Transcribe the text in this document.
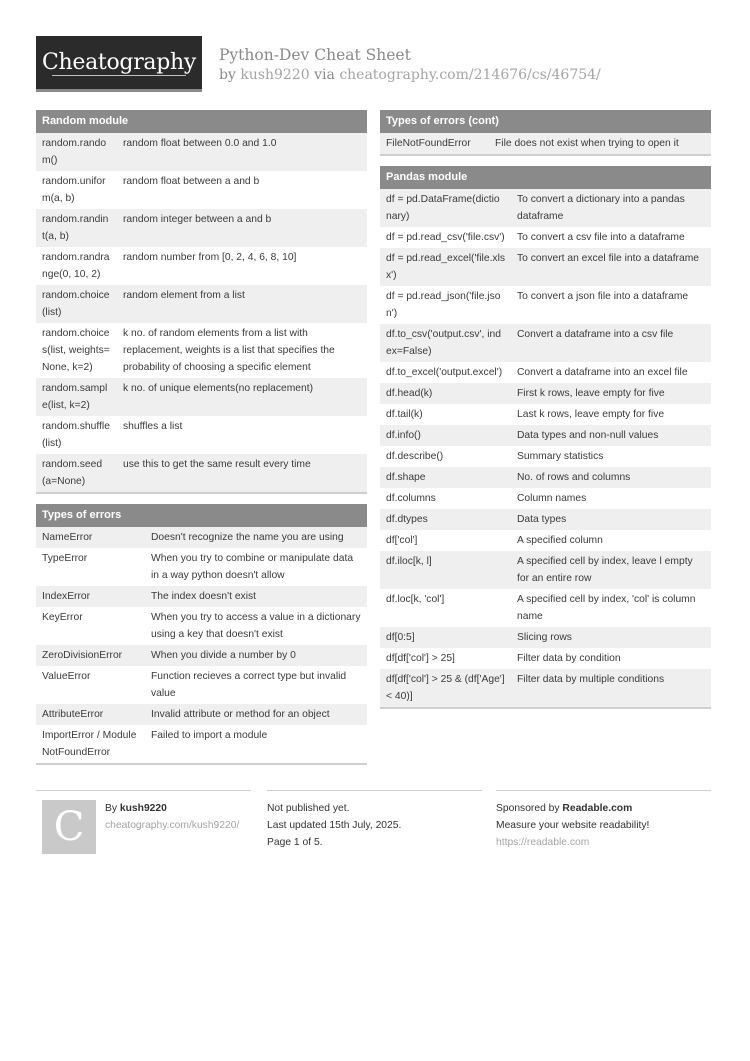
Cheatography Python-Dev Cheat Sheet
by kush9220 via cheatography.com/214676/cs/46754/
Random module
random.random()	random float between 0.0 and 1.0
random.uniform(a, b)	random float between a and b
random.randint(a, b)	random integer between a and b
random.randrange(0, 10, 2)	random number from [0, 2, 4, 6, 8, 10]
random.choice(list)	random element from a list
random.choices(list, weights=None, k=2)	k no. of random elements from a list with replacement, weights is a list that specifies the probability of choosing a specific element
random.sample(list, k=2)	k no. of unique elements(no replacement)
random.shuffle(list)	shuffles a list
random.seed(a=None)	use this to get the same result every time
Types of errors
NameError	Doesn't recognize the name you are using
TypeError	When you try to combine or manipulate data in a way python doesn't allow
IndexError	The index doesn't exist
KeyError	When you try to access a value in a dictionary using a key that doesn't exist
ZeroDivisionError	When you divide a number by 0
ValueError	Function recieves a correct type but invalid value
AttributeError	Invalid attribute or method for an object
ImportError / ModuleNotFoundError	Failed to import a module
Types of errors (cont)
FileNotFoundError	File does not exist when trying to open it
Pandas module
df = pd.DataFrame(dictionary)	To convert a dictionary into a pandas dataframe
df = pd.read_csv('file.csv')	To convert a csv file into a dataframe
df = pd.read_excel('file.xlsx')	To convert an excel file into a dataframe
df = pd.read_json('file.json')	To convert a json file into a dataframe
df.to_csv('output.csv', index=False)	Convert a dataframe into a csv file
df.to_excel('output.excel')	Convert a dataframe into an excel file
df.head(k)	First k rows, leave empty for five
df.tail(k)	Last k rows, leave empty for five
df.info()	Data types and non-null values
df.describe()	Summary statistics
df.shape	No. of rows and columns
df.columns	Column names
df.dtypes	Data types
df['col']	A specified column
df.iloc[k, l]	A specified cell by index, leave l empty for an entire row
df.loc[k, 'col']	A specified cell by index, 'col' is column name
df[0:5]	Slicing rows
df[df['col'] > 25]	Filter data by condition
df[df['col'] > 25 & (df['Age'] < 40)]	Filter data by multiple conditions
C By kush9220
cheatography.com/kush9220/
Not published yet.
Last updated 15th July, 2025.
Page 1 of 5.
Sponsored by Readable.com
Measure your website readability!
https://readable.com
